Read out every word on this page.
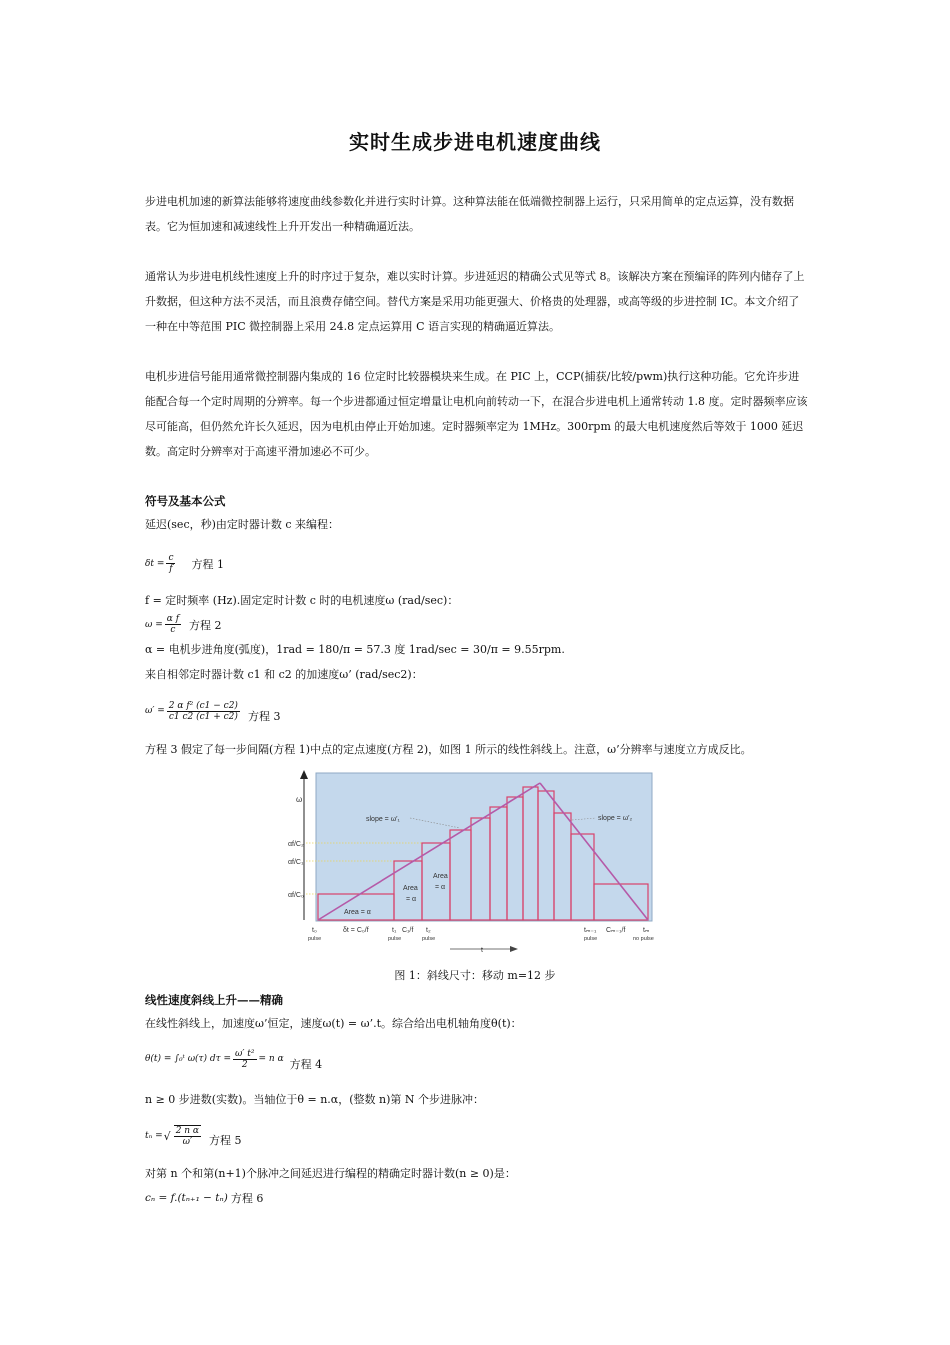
实时生成步进电机速度曲线
步进电机加速的新算法能够将速度曲线参数化并进行实时计算。这种算法能在低端微控制器上运行，只采用简单的定点运算，没有数据表。它为恒加速和减速线性上升开发出一种精确逼近法。
通常认为步进电机线性速度上升的时序过于复杂，难以实时计算。步进延迟的精确公式见等式 8。该解决方案在预编译的阵列内储存了上升数据，但这种方法不灵活，而且浪费存储空间。替代方案是采用功能更强大、价格贵的处理器，或高等级的步进控制 IC。本文介绍了一种在中等范围 PIC 微控制器上采用 24.8 定点运算用 C 语言实现的精确逼近算法。
电机步进信号能用通常微控制器内集成的 16 位定时比较器模块来生成。在 PIC 上，CCP(捕获/比较/pwm)执行这种功能。它允许步进能配合每一个定时周期的分辨率。每一个步进都通过恒定增量让电机向前转动一下，在混合步进电机上通常转动 1.8 度。定时器频率应该尽可能高，但仍然允许长久延迟，因为电机由停止开始加速。定时器频率定为 1MHz。300rpm 的最大电机速度然后等效于 1000 延迟数。高定时分辨率对于高速平滑加速必不可少。
符号及基本公式
延迟(sec，秒)由定时器计数 c 来编程：
$\delta t = \frac{c}{f}$ 方程 1
f = 定时频率 (Hz).固定定时计数 c 时的电机速度ω (rad/sec)：
$\omega = \frac{\text{α f}}{c}$ 方程 2
α = 电机步进角度(弧度)，1rad = 180/π = 57.3 度 1rad/sec = 30/π = 9.55rpm.
来自相邻定时器计数 c1 和 c2 的加速度ω’ (rad/sec2)：
$\omega' = \frac{\text{2 α f² (c1 − c2)}}{c1 c2 (c1 + c2)}$ 方程 3
方程 3 假定了每一步间隔(方程 1)中点的定点速度(方程 2)，如图 1 所示的线性斜线上。注意，ω’分辨率与速度立方成反比。
ω
slope = ω′₁	slope = ω′₂
Area = α
Area
= α
Area
= α
αf/C₂
αf/C₁
αf/C₀
t₀
pulse
δt = C₀/f	t₁ C₁/f
pulse
t₂
pulse
tₘ₋₁
pulse
Cₘ₋₁/f	tₘ
no pulse
t
图 1：斜线尺寸：移动 m=12 步
线性速度斜线上升——精确
在线性斜线上，加速度ω’恒定，速度ω(t) = ω’.t。综合给出电机轴角度θ(t)：
θ(t) = ∫₀ᵗ ω(τ) $d\tau = \frac{\text{ω′ t²}}{2} = n$ α 方程 4
n ≥ 0 步进数(实数)。当轴位于θ = n.α，(整数 n)第 N 个步进脉冲：
tₙ = √ $\frac{\text{2 n α}}{\omega'}$ 方程 5
对第 n 个和第(n+1)个脉冲之间延迟进行编程的精确定时器计数(n ≥ 0)是：
cₙ = f.(tₙ₊₁ − tₙ) 方程 6
